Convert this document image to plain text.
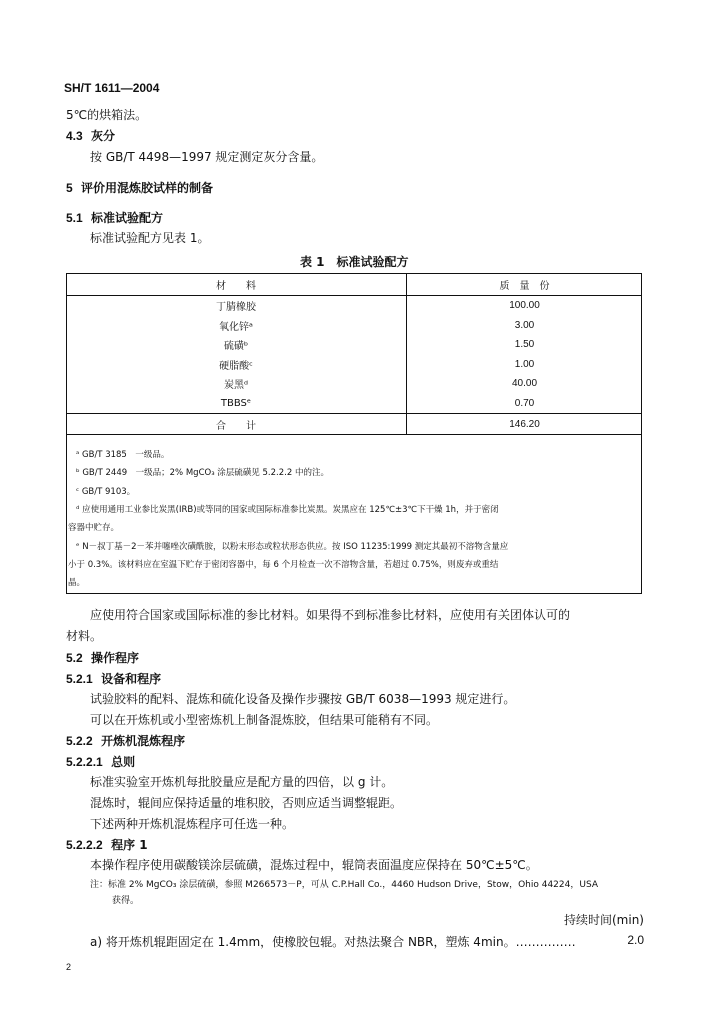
SH/T 1611—2004
5℃的烘箱法。
4.3 灰分
按 GB/T 4498—1997 规定测定灰分含量。
5 评价用混炼胶试样的制备
5.1 标准试验配方
标准试验配方见表 1。
表 1　标准试验配方
材　　料	质　量　份
丁腈橡胶	100.00
氧化锌ᵃ	3.00
硫磺ᵇ	1.50
硬脂酸ᶜ	1.00
炭黑ᵈ	40.00
TBBSᵉ	0.70
合　　计	146.20
ᵃ GB/T 3185　一级品。
ᵇ GB/T 2449　一级品；2% MgCO₃ 涂层硫磺见 5.2.2.2 中的注。
ᶜ GB/T 9103。
ᵈ 应使用通用工业参比炭黑(IRB)或等同的国家或国际标准参比炭黑。炭黑应在 125℃±3℃下干燥 1h，并于密闭
容器中贮存。
ᵉ N－叔丁基－2－苯并噻唑次磺酰胺，以粉末形态或粒状形态供应。按 ISO 11235:1999 测定其最初不溶物含量应
小于 0.3%。该材料应在室温下贮存于密闭容器中，每 6 个月检查一次不溶物含量，若超过 0.75%，则废弃或重结
晶。
应使用符合国家或国际标准的参比材料。如果得不到标准参比材料，应使用有关团体认可的
材料。
5.2 操作程序
5.2.1 设备和程序
试验胶料的配料、混炼和硫化设备及操作步骤按 GB/T 6038—1993 规定进行。
可以在开炼机或小型密炼机上制备混炼胶，但结果可能稍有不同。
5.2.2 开炼机混炼程序
5.2.2.1 总则
标准实验室开炼机每批胶量应是配方量的四倍，以 g 计。
混炼时，辊间应保持适量的堆积胶，否则应适当调整辊距。
下述两种开炼机混炼程序可任选一种。
5.2.2.2 程序 1
本操作程序使用碳酸镁涂层硫磺，混炼过程中，辊筒表面温度应保持在 50℃±5℃。
注：标准 2% MgCO₃ 涂层硫磺，参照 M266573－P，可从 C.P.Hall Co.，4460 Hudson Drive，Stow，Ohio 44224，USA
获得。
持续时间(min)
a) 将开炼机辊距固定在 1.4mm，使橡胶包辊。对热法聚合 NBR，塑炼 4min。……………	2.0
2
